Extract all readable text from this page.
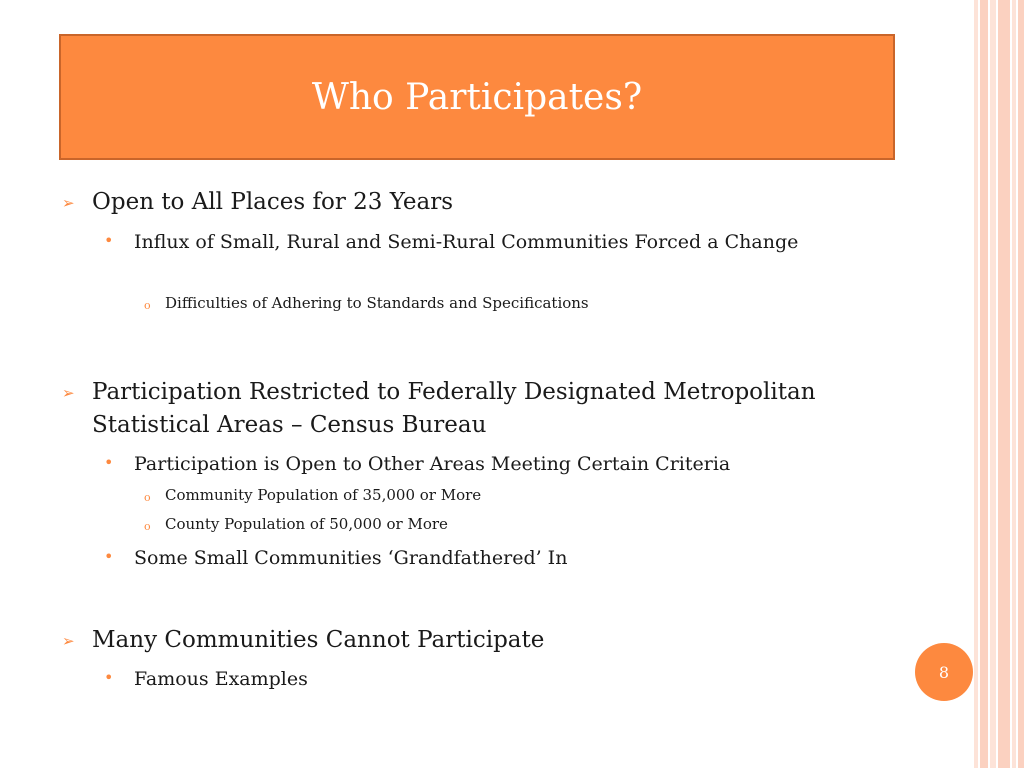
Who Participates?
➢ Open to All Places for 23 Years

• Influx of Small, Rural and Semi-Rural Communities Forced a Change

o Difficulties of Adhering to Standards and Specifications

➢ Participation Restricted to Federally Designated Metropolitan Statistical Areas – Census Bureau

• Participation is Open to Other Areas Meeting Certain Criteria

o Community Population of 35,000 or More

o County Population of 50,000 or More

• Some Small Communities ‘Grandfathered’ In

➢ Many Communities Cannot Participate

• Famous Examples	8
